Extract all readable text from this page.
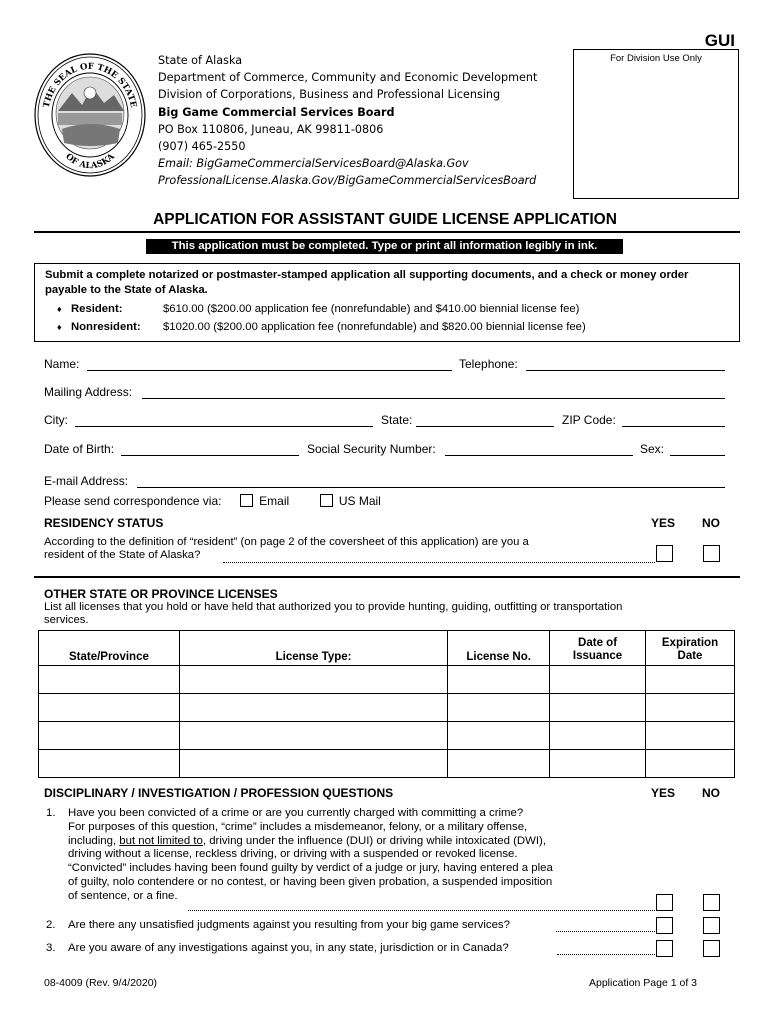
THE SEAL OF THE STATE
OF ALASKA
State of Alaska
Department of Commerce, Community and Economic Development
Division of Corporations, Business and Professional Licensing
Big Game Commercial Services Board
PO Box 110806, Juneau, AK 99811-0806
(907) 465-2550
Email: BigGameCommercialServicesBoard@Alaska.Gov
ProfessionalLicense.Alaska.Gov/BigGameCommercialServicesBoard
GUI
For Division Use Only
APPLICATION FOR ASSISTANT GUIDE LICENSE APPLICATION
This application must be completed. Type or print all information legibly in ink.
Submit a complete notarized or postmaster-stamped application all supporting documents, and a check or money order payable to the State of Alaska.
♦ Resident:	$610.00 ($200.00 application fee (nonrefundable) and $410.00 biennial license fee)
♦ Nonresident: $1020.00 ($200.00 application fee (nonrefundable) and $820.00 biennial license fee)
Name:	Telephone:
Mailing Address:
City:	State:	ZIP Code:
Date of Birth:	Social Security Number:	Sex:
E-mail Address:
Please send correspondence via:	Email	US Mail
RESIDENCY STATUS	YES NO
According to the definition of “resident” (on page 2 of the coversheet of this application) are you a
resident of the State of Alaska?
OTHER STATE OR PROVINCE LICENSES
List all licenses that you hold or have held that authorized you to provide hunting, guiding, outfitting or transportation
services.
State/Province	License Type:	License No.	Date of Issuance	Expiration Date

DISCIPLINARY / INVESTIGATION / PROFESSION QUESTIONS	YES NO
1. Have you been convicted of a crime or are you currently charged with committing a crime?
For purposes of this question, “crime” includes a misdemeanor, felony, or a military offense,
including, but not limited to, driving under the influence (DUI) or driving while intoxicated (DWI),
driving without a license, reckless driving, or driving with a suspended or revoked license.
“Convicted” includes having been found guilty by verdict of a judge or jury, having entered a plea
of guilty, nolo contendere or no contest, or having been given probation, a suspended imposition
of sentence, or a fine.
2. Are there any unsatisfied judgments against you resulting from your big game services?
3. Are you aware of any investigations against you, in any state, jurisdiction or in Canada?
08-4009 (Rev. 9/4/2020)	Application Page 1 of 3
